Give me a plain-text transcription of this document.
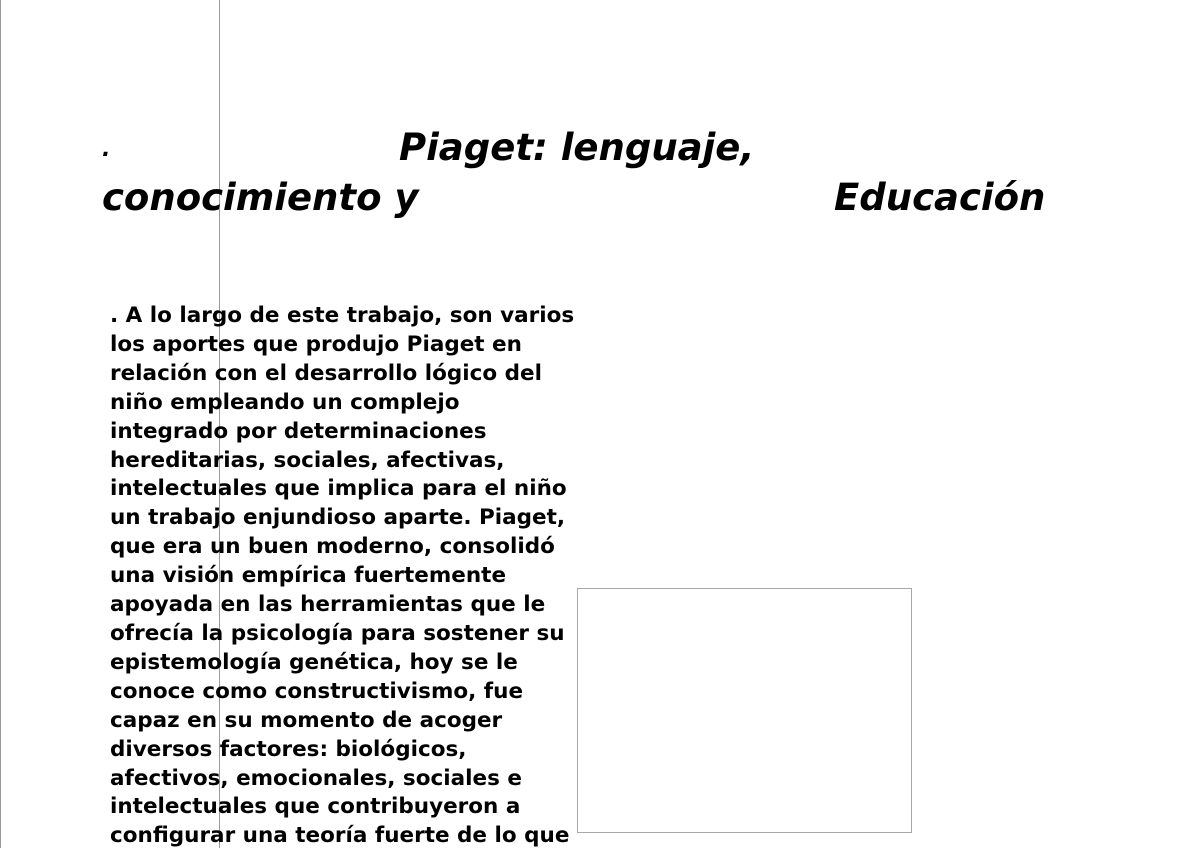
.	Piaget: lenguaje,
conocimiento y	Educación
. A lo largo de este trabajo, son varios
los aportes que produjo Piaget en
relación con el desarrollo lógico del
niño empleando un complejo
integrado por determinaciones
hereditarias, sociales, afectivas,
intelectuales que implica para el niño
un trabajo enjundioso aparte. Piaget,
que era un buen moderno, consolidó
una visión empírica fuertemente
apoyada en las herramientas que le
ofrecía la psicología para sostener su
epistemología genética, hoy se le
conoce como constructivismo, fue
capaz en su momento de acoger
diversos factores: biológicos,
afectivos, emocionales, sociales e
intelectuales que contribuyeron a
configurar una teoría fuerte de lo que
